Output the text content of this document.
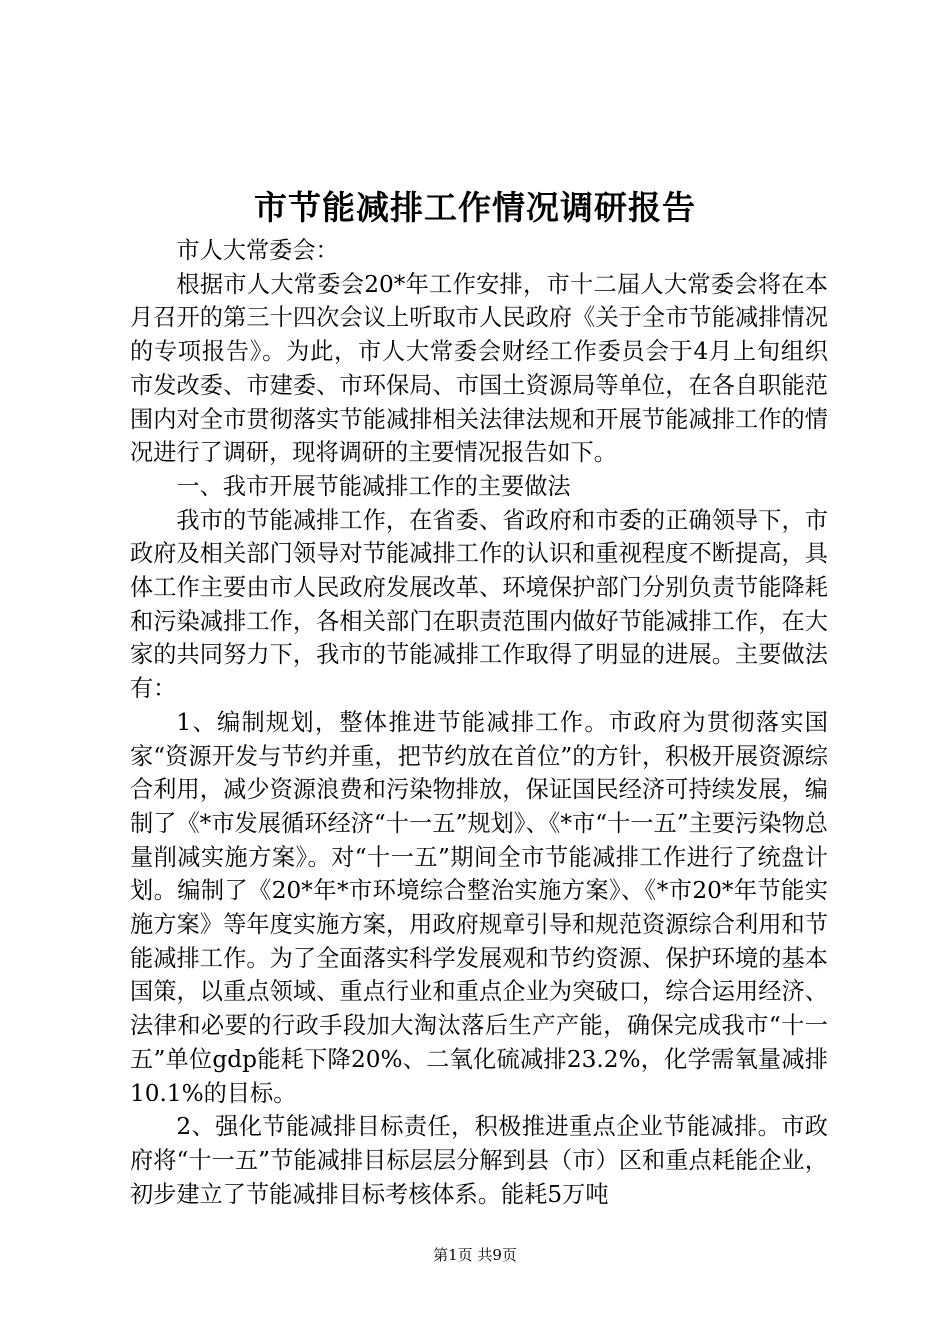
市节能减排工作情况调研报告

市人大常委会：

根据市人大常委会20*年工作安排，市十二届人大常委会将在本月召开的第三十四次会议上听取市人民政府《关于全市节能减排情况的专项报告》。为此，市人大常委会财经工作委员会于4月上旬组织市发改委、市建委、市环保局、市国土资源局等单位，在各自职能范围内对全市贯彻落实节能减排相关法律法规和开展节能减排工作的情况进行了调研，现将调研的主要情况报告如下。

一、我市开展节能减排工作的主要做法

我市的节能减排工作，在省委、省政府和市委的正确领导下，市政府及相关部门领导对节能减排工作的认识和重视程度不断提高，具体工作主要由市人民政府发展改革、环境保护部门分别负责节能降耗和污染减排工作，各相关部门在职责范围内做好节能减排工作，在大家的共同努力下，我市的节能减排工作取得了明显的进展。主要做法有：

1、编制规划，整体推进节能减排工作。市政府为贯彻落实国家“资源开发与节约并重，把节约放在首位”的方针，积极开展资源综合利用，减少资源浪费和污染物排放，保证国民经济可持续发展，编制了《*市发展循环经济“十一五”规划》、《*市“十一五”主要污染物总量削减实施方案》。对“十一五”期间全市节能减排工作进行了统盘计划。编制了《20*年*市环境综合整治实施方案》、《*市20*年节能实施方案》等年度实施方案，用政府规章引导和规范资源综合利用和节能减排工作。为了全面落实科学发展观和节约资源、保护环境的基本国策，以重点领域、重点行业和重点企业为突破口，综合运用经济、法律和必要的行政手段加大淘汰落后生产产能，确保完成我市“十一五”单位gdp能耗下降20%、二氧化硫减排23.2%，化学需氧量减排10.1%的目标。

2、强化节能减排目标责任，积极推进重点企业节能减排。市政府将“十一五”节能减排目标层层分解到县（市）区和重点耗能企业，初步建立了节能减排目标考核体系。能耗5万吨

第1页 共9页
